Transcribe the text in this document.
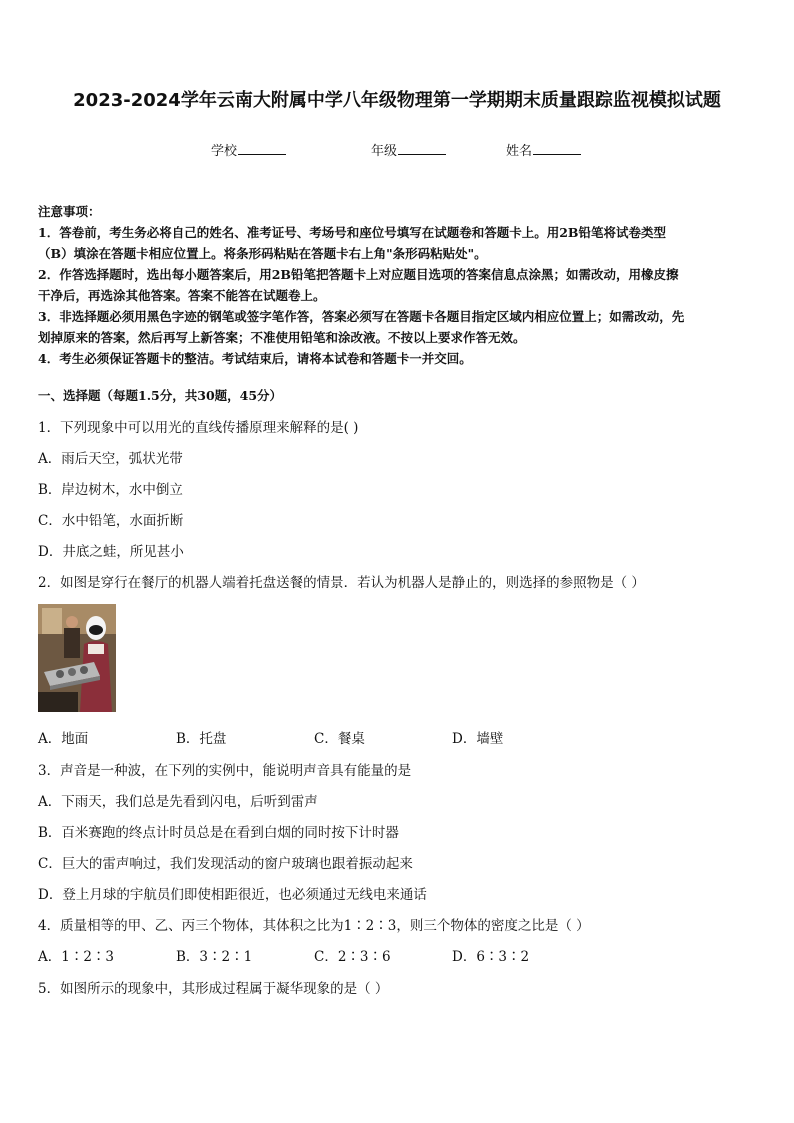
2023-2024学年云南大附属中学八年级物理第一学期期末质量跟踪监视模拟试题
学校	年级	姓名
注意事项：

1．答卷前，考生务必将自己的姓名、准考证号、考场号和座位号填写在试题卷和答题卡上。用2B铅笔将试卷类型

（B）填涂在答题卡相应位置上。将条形码粘贴在答题卡右上角"条形码粘贴处"。

2．作答选择题时，选出每小题答案后，用2B铅笔把答题卡上对应题目选项的答案信息点涂黑；如需改动，用橡皮擦

干净后，再选涂其他答案。答案不能答在试题卷上。

3．非选择题必须用黑色字迹的钢笔或签字笔作答，答案必须写在答题卡各题目指定区域内相应位置上；如需改动，先

划掉原来的答案，然后再写上新答案；不准使用铅笔和涂改液。不按以上要求作答无效。

4．考生必须保证答题卡的整洁。考试结束后，请将本试卷和答题卡一并交回。

一、选择题（每题1.5分，共30题，45分）
1．下列现象中可以用光的直线传播原理来解释的是( )
A．雨后天空，弧状光带
B．岸边树木，水中倒立
C．水中铅笔，水面折断
D．井底之蛙，所见甚小
2．如图是穿行在餐厅的机器人端着托盘送餐的情景．若认为机器人是静止的，则选择的参照物是（ ）
A．地面	B．托盘	C．餐桌	D．墙壁
3．声音是一种波，在下列的实例中，能说明声音具有能量的是
A．下雨天，我们总是先看到闪电，后听到雷声
B．百米赛跑的终点计时员总是在看到白烟的同时按下计时器
C．巨大的雷声响过，我们发现活动的窗户玻璃也跟着振动起来
D．登上月球的宇航员们即使相距很近，也必须通过无线电来通话
4．质量相等的甲、乙、丙三个物体，其体积之比为1∶2∶3，则三个物体的密度之比是（ ）
A．1∶2∶3	B．3∶2∶1	C．2∶3∶6	D．6∶3∶2
5．如图所示的现象中，其形成过程属于凝华现象的是（ ）
